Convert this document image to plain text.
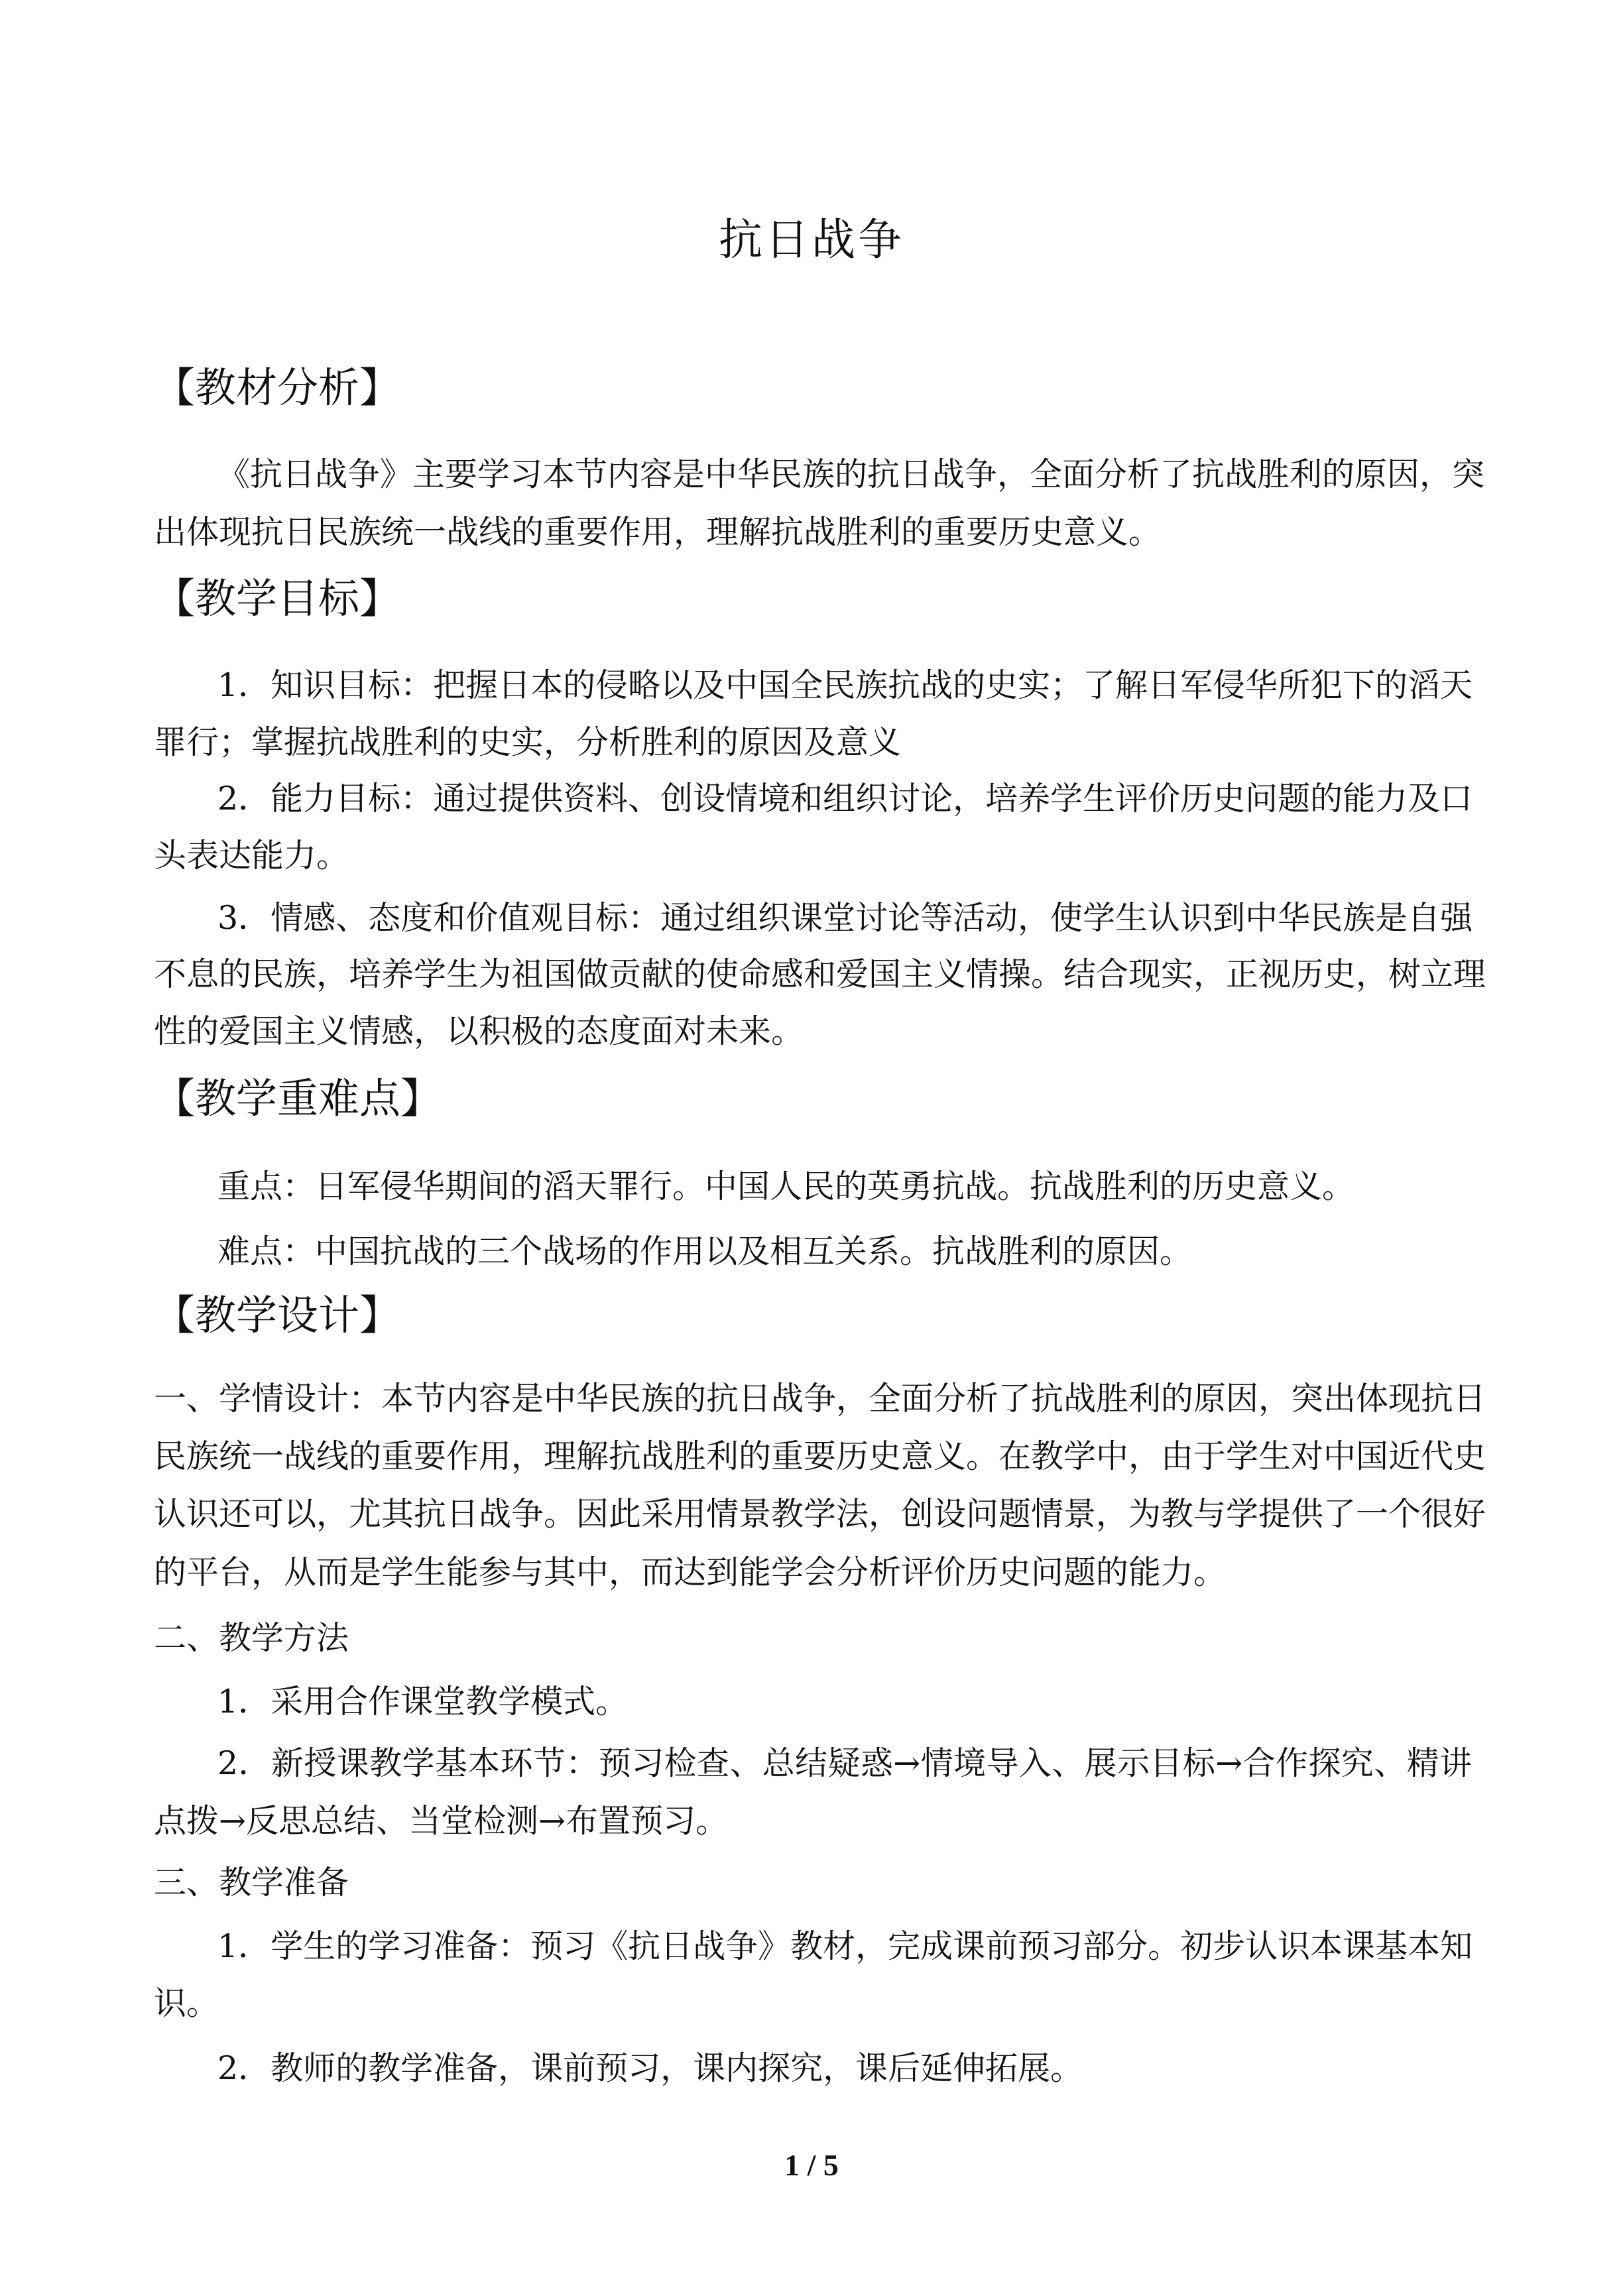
抗日战争
【教材分析】
《抗日战争》主要学习本节内容是中华民族的抗日战争，全面分析了抗战胜利的原因，突
出体现抗日民族统一战线的重要作用，理解抗战胜利的重要历史意义。
【教学目标】
1．知识目标：把握日本的侵略以及中国全民族抗战的史实；了解日军侵华所犯下的滔天
罪行；掌握抗战胜利的史实，分析胜利的原因及意义
2．能力目标：通过提供资料、创设情境和组织讨论，培养学生评价历史问题的能力及口
头表达能力。
3．情感、态度和价值观目标：通过组织课堂讨论等活动，使学生认识到中华民族是自强
不息的民族，培养学生为祖国做贡献的使命感和爱国主义情操。结合现实，正视历史，树立理
性的爱国主义情感，以积极的态度面对未来。
【教学重难点】
重点：日军侵华期间的滔天罪行。中国人民的英勇抗战。抗战胜利的历史意义。
难点：中国抗战的三个战场的作用以及相互关系。抗战胜利的原因。
【教学设计】
一、学情设计：本节内容是中华民族的抗日战争，全面分析了抗战胜利的原因，突出体现抗日
民族统一战线的重要作用，理解抗战胜利的重要历史意义。在教学中，由于学生对中国近代史
认识还可以，尤其抗日战争。因此采用情景教学法，创设问题情景，为教与学提供了一个很好
的平台，从而是学生能参与其中，而达到能学会分析评价历史问题的能力。
二、教学方法
1．采用合作课堂教学模式。
2．新授课教学基本环节：预习检查、总结疑惑→情境导入、展示目标→合作探究、精讲
点拨→反思总结、当堂检测→布置预习。
三、教学准备
1．学生的学习准备：预习《抗日战争》教材，完成课前预习部分。初步认识本课基本知
识。
2．教师的教学准备，课前预习，课内探究，课后延伸拓展。
1 / 5
